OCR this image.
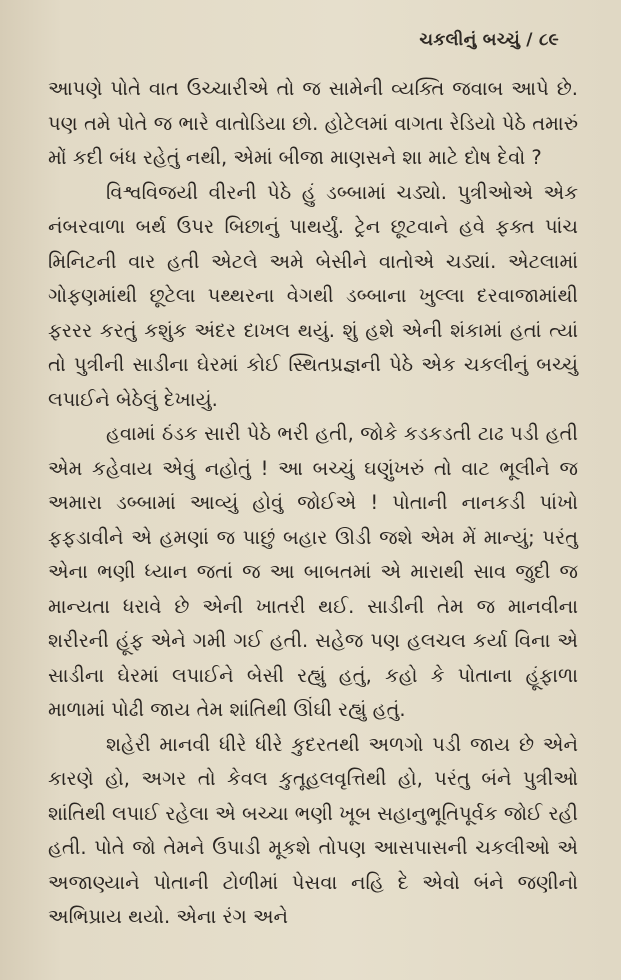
ચકલીનું બચ્ચું / ૮૯

આપણે પોતે વાત ઉચ્ચારીએ તો જ સામેની વ્યક્તિ જવાબ આપે છે. પણ તમે પોતે જ ભારે વાતોડિયા છો. હોટેલમાં વાગતા રેડિયો પેઠે તમારું મોં કદી બંધ રહેતું નથી, એમાં બીજા માણસને શા માટે દોષ દેવો ?

વિશ્વવિજયી વીરની પેઠે હું ડબ્બામાં ચડ્યો. પુત્રીઓએ એક નંબરવાળા બર્થ ઉપર બિછાનું પાથર્યું. ટ્રેન છૂટવાને હવે ફક્ત પાંચ મિનિટની વાર હતી એટલે અમે બેસીને વાતોએ ચડ્યાં. એટલામાં ગોફણમાંથી છૂટેલા પથ્થરના વેગથી ડબ્બાના ખુલ્લા દરવાજામાંથી ફરરર કરતું કશુંક અંદર દાખલ થયું. શું હશે એની શંકામાં હતાં ત્યાં તો પુત્રીની સાડીના ઘેરમાં કોઈ સ્થિતપ્રજ્ઞની પેઠે એક ચકલીનું બચ્ચું લપાઈને બેઠેલું દેખાયું.

હવામાં ઠંડક સારી પેઠે ભરી હતી, જોકે કડકડતી ટાઢ પડી હતી એમ કહેવાય એવું નહોતું ! આ બચ્ચું ઘણુંખરું તો વાટ ભૂલીને જ અમારા ડબ્બામાં આવ્યું હોવું જોઈએ ! પોતાની નાનકડી પાંખો ફફડાવીને એ હમણાં જ પાછું બહાર ઊડી જશે એમ મેં માન્યું; પરંતુ એના ભણી ધ્યાન જતાં જ આ બાબતમાં એ મારાથી સાવ જુદી જ માન્યતા ધરાવે છે એની ખાતરી થઈ. સાડીની તેમ જ માનવીના શરીરની હૂંફ એને ગમી ગઈ હતી. સહેજ પણ હલચલ કર્યા વિના એ સાડીના ઘેરમાં લપાઈને બેસી રહ્યું હતું, કહો કે પોતાના હૂંફાળા માળામાં પોઢી જાય તેમ શાંતિથી ઊંઘી રહ્યું હતું.

શહેરી માનવી ધીરે ધીરે કુદરતથી અળગો પડી જાય છે એને કારણે હો, અગર તો કેવલ કુતૂહલવૃત્તિથી હો, પરંતુ બંને પુત્રીઓ શાંતિથી લપાઈ રહેલા એ બચ્ચા ભણી ખૂબ સહાનુભૂતિપૂર્વક જોઈ રહી હતી. પોતે જો તેમને ઉપાડી મૂકશે તોપણ આસપાસની ચકલીઓ એ અજાણ્યાને પોતાની ટોળીમાં પેસવા નહિ દે એવો બંને જણીનો અભિપ્રાય થયો. એના રંગ અને
